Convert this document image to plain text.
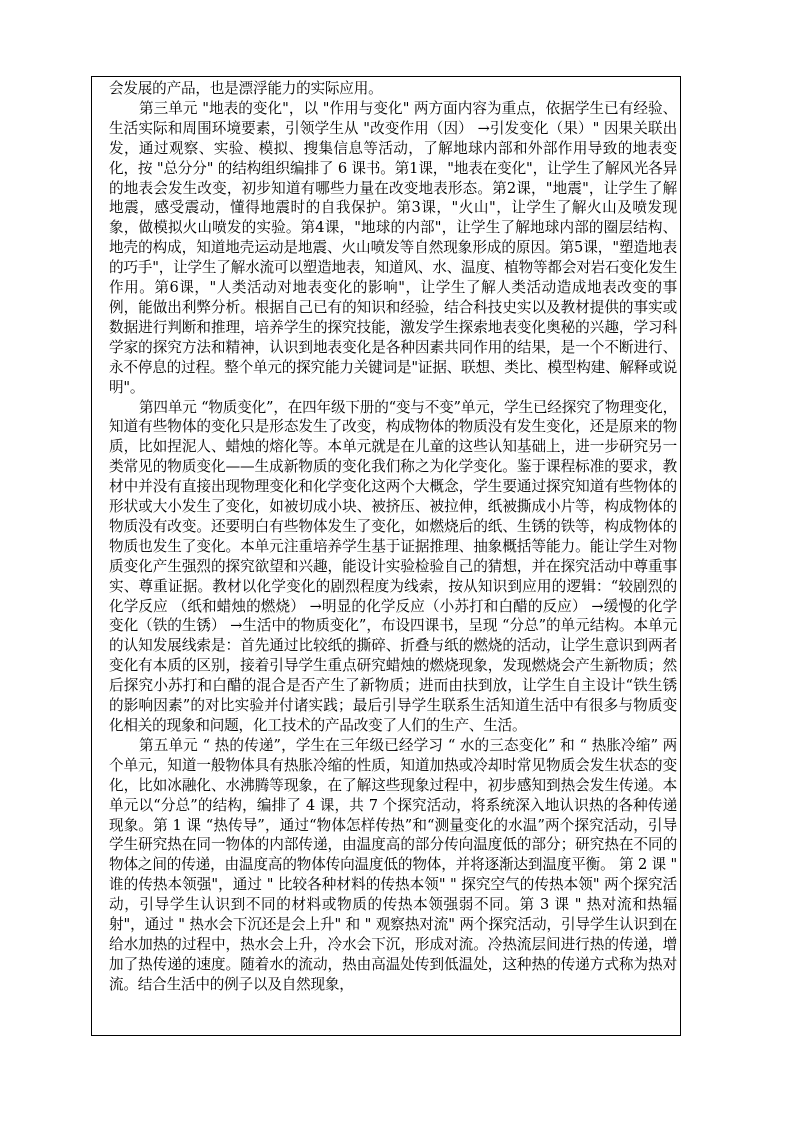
会发展的产品，也是漂浮能力的实际应用。

第三单元 "地表的变化"，以 "作用与变化" 两方面内容为重点，依据学生已有经验、生活实际和周围环境要素，引领学生从 "改变作用（因） →引发变化（果）" 因果关联出发，通过观察、实验、模拟、搜集信息等活动，了解地球内部和外部作用导致的地表变化，按 "总分分" 的结构组织编排了 6 课书。第1课，"地表在变化"，让学生了解风光各异的地表会发生改变，初步知道有哪些力量在改变地表形态。第2课，"地震"，让学生了解地震，感受震动，懂得地震时的自我保护。第3课，"火山"，让学生了解火山及喷发现象，做模拟火山喷发的实验。第4课，"地球的内部"，让学生了解地球内部的圈层结构、地壳的构成，知道地壳运动是地震、火山喷发等自然现象形成的原因。第5课，"塑造地表的巧手"，让学生了解水流可以塑造地表，知道风、水、温度、植物等都会对岩石变化发生作用。第6课，"人类活动对地表变化的影响"，让学生了解人类活动造成地表改变的事例，能做出利弊分析。根据自己已有的知识和经验，结合科技史实以及教材提供的事实或数据进行判断和推理，培养学生的探究技能，激发学生探索地表变化奥秘的兴趣，学习科学家的探究方法和精神，认识到地表变化是各种因素共同作用的结果，是一个不断进行、永不停息的过程。整个单元的探究能力关键词是"证据、联想、类比、模型构建、解释或说明"。

第四单元 “物质变化”，在四年级下册的“变与不变”单元，学生已经探究了物理变化，知道有些物体的变化只是形态发生了改变，构成物体的物质没有发生变化，还是原来的物质，比如捏泥人、蜡烛的熔化等。本单元就是在儿童的这些认知基础上，进一步研究另一类常见的物质变化——生成新物质的变化我们称之为化学变化。鉴于课程标准的要求，教材中并没有直接出现物理变化和化学变化这两个大概念，学生要通过探究知道有些物体的形状或大小发生了变化，如被切成小块、被挤压、被拉伸，纸被撕成小片等，构成物体的物质没有改变。还要明白有些物体发生了变化，如燃烧后的纸、生锈的铁等，构成物体的物质也发生了变化。本单元注重培养学生基于证据推理、抽象概括等能力。能让学生对物质变化产生强烈的探究欲望和兴趣，能设计实验检验自己的猜想，并在探究活动中尊重事实、尊重证据。教材以化学变化的剧烈程度为线索，按从知识到应用的逻辑：“较剧烈的化学反应 （纸和蜡烛的燃烧） →明显的化学反应（小苏打和白醋的反应） →缓慢的化学变化（铁的生锈） →生活中的物质变化”，布设四课书，呈现 “分总”的单元结构。本单元的认知发展线索是：首先通过比较纸的撕碎、折叠与纸的燃烧的活动，让学生意识到两者变化有本质的区别，接着引导学生重点研究蜡烛的燃烧现象，发现燃烧会产生新物质；然后探究小苏打和白醋的混合是否产生了新物质；进而由扶到放，让学生自主设计“铁生锈的影响因素”的对比实验并付诸实践；最后引导学生联系生活知道生活中有很多与物质变化相关的现象和问题，化工技术的产品改变了人们的生产、生活。

第五单元 “ 热的传递”，学生在三年级已经学习 “ 水的三态变化” 和 “ 热胀冷缩” 两个单元，知道一般物体具有热胀冷缩的性质，知道加热或冷却时常见物质会发生状态的变化，比如冰融化、水沸腾等现象，在了解这些现象过程中，初步感知到热会发生传递。本单元以“分总”的结构，编排了 4 课，共 7 个探究活动，将系统深入地认识热的各种传递现象。第 1 课 “热传导”，通过“物体怎样传热”和“测量变化的水温”两个探究活动，引导学生研究热在同一物体的内部传递，由温度高的部分传向温度低的部分；研究热在不同的物体之间的传递，由温度高的物体传向温度低的物体，并将逐渐达到温度平衡。 第 2 课 " 谁的传热本领强"，通过 " 比较各种材料的传热本领" " 探究空气的传热本领" 两个探究活动，引导学生认识到不同的材料或物质的传热本领强弱不同。第 3 课 " 热对流和热辐射"，通过 " 热水会下沉还是会上升" 和 " 观察热对流" 两个探究活动，引导学生认识到在给水加热的过程中，热水会上升，冷水会下沉，形成对流。冷热流层间进行热的传递，增加了热传递的速度。随着水的流动，热由高温处传到低温处，这种热的传递方式称为热对流。结合生活中的例子以及自然现象，
